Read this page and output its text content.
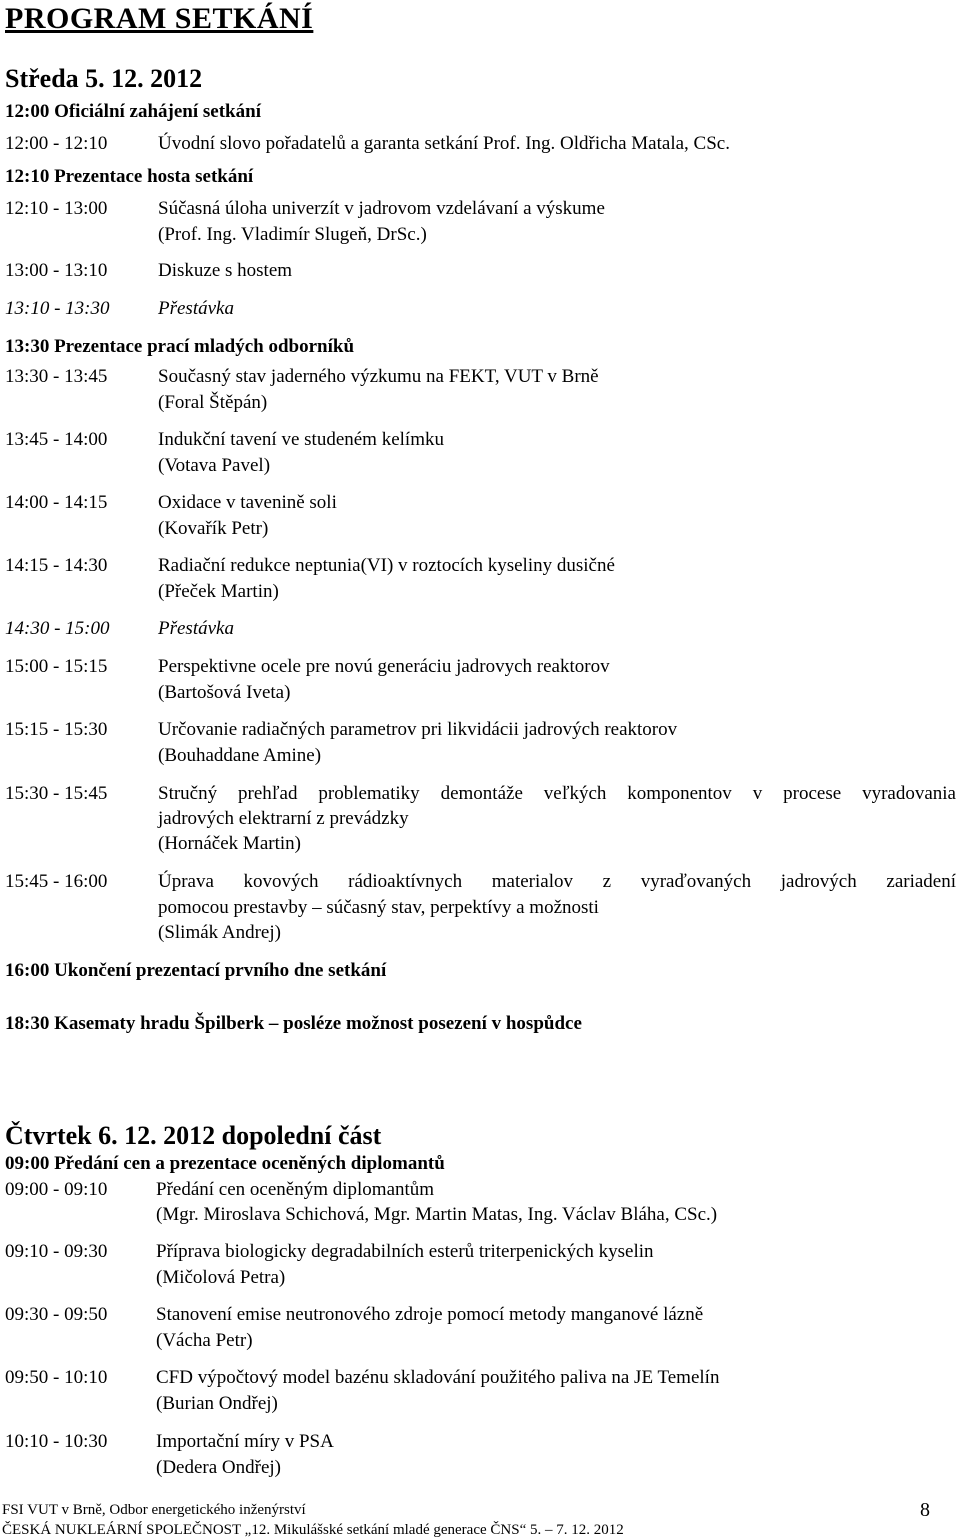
PROGRAM SETKÁNÍ
Středa 5. 12. 2012
12:00 Oficiální zahájení setkání
12:00 - 12:10	Úvodní slovo pořadatelů a garanta setkání Prof. Ing. Oldřicha Matala, CSc.
12:10 Prezentace hosta setkání
12:10 - 13:00	Súčasná úloha univerzít v jadrovom vzdelávaní a výskume
(Prof. Ing. Vladimír Slugeň, DrSc.)
13:00 - 13:10	Diskuze s hostem
13:10 - 13:30	Přestávka
13:30 Prezentace prací mladých odborníků
13:30 - 13:45	Současný stav jaderného výzkumu na FEKT, VUT v Brně
(Foral Štěpán)
13:45 - 14:00	Indukční tavení ve studeném kelímku
(Votava Pavel)
14:00 - 14:15	Oxidace v tavenině soli
(Kovařík Petr)
14:15 - 14:30	Radiační redukce neptunia(VI) v roztocích kyseliny dusičné
(Přeček Martin)
14:30 - 15:00	Přestávka
15:00 - 15:15	Perspektivne ocele pre novú generáciu jadrovych reaktorov
(Bartošová Iveta)
15:15 - 15:30	Určovanie radiačných parametrov pri likvidácii jadrových reaktorov
(Bouhaddane Amine)
15:30 - 15:45	Stručný prehľad problematiky demontáže veľkých komponentov v procese vyradovania
jadrových elektrarní z prevádzky
(Hornáček Martin)
15:45 - 16:00	Úprava kovových rádioaktívnych materialov z vyraďovaných jadrových zariadení
pomocou prestavby – súčasný stav, perpektívy a možnosti
(Slimák Andrej)
16:00 Ukončení prezentací prvního dne setkání
18:30 Kasematy hradu Špilberk – posléze možnost posezení v hospůdce
Čtvrtek 6. 12. 2012 dopolední část
09:00 Předání cen a prezentace oceněných diplomantů
09:00 - 09:10	Předání cen oceněným diplomantům
(Mgr. Miroslava Schichová, Mgr. Martin Matas, Ing. Václav Bláha, CSc.)
09:10 - 09:30	Příprava biologicky degradabilních esterů triterpenických kyselin
(Mičolová Petra)
09:30 - 09:50	Stanovení emise neutronového zdroje pomocí metody manganové lázně
(Vácha Petr)
09:50 - 10:10	CFD výpočtový model bazénu skladování použitého paliva na JE Temelín
(Burian Ondřej)
10:10 - 10:30	Importační míry v PSA
(Dedera Ondřej)
FSI VUT v Brně, Odbor energetického inženýrství
ČESKÁ NUKLEÁRNÍ SPOLEČNOST „12. Mikulášské setkání mladé generace ČNS“ 5. – 7. 12. 2012
8
